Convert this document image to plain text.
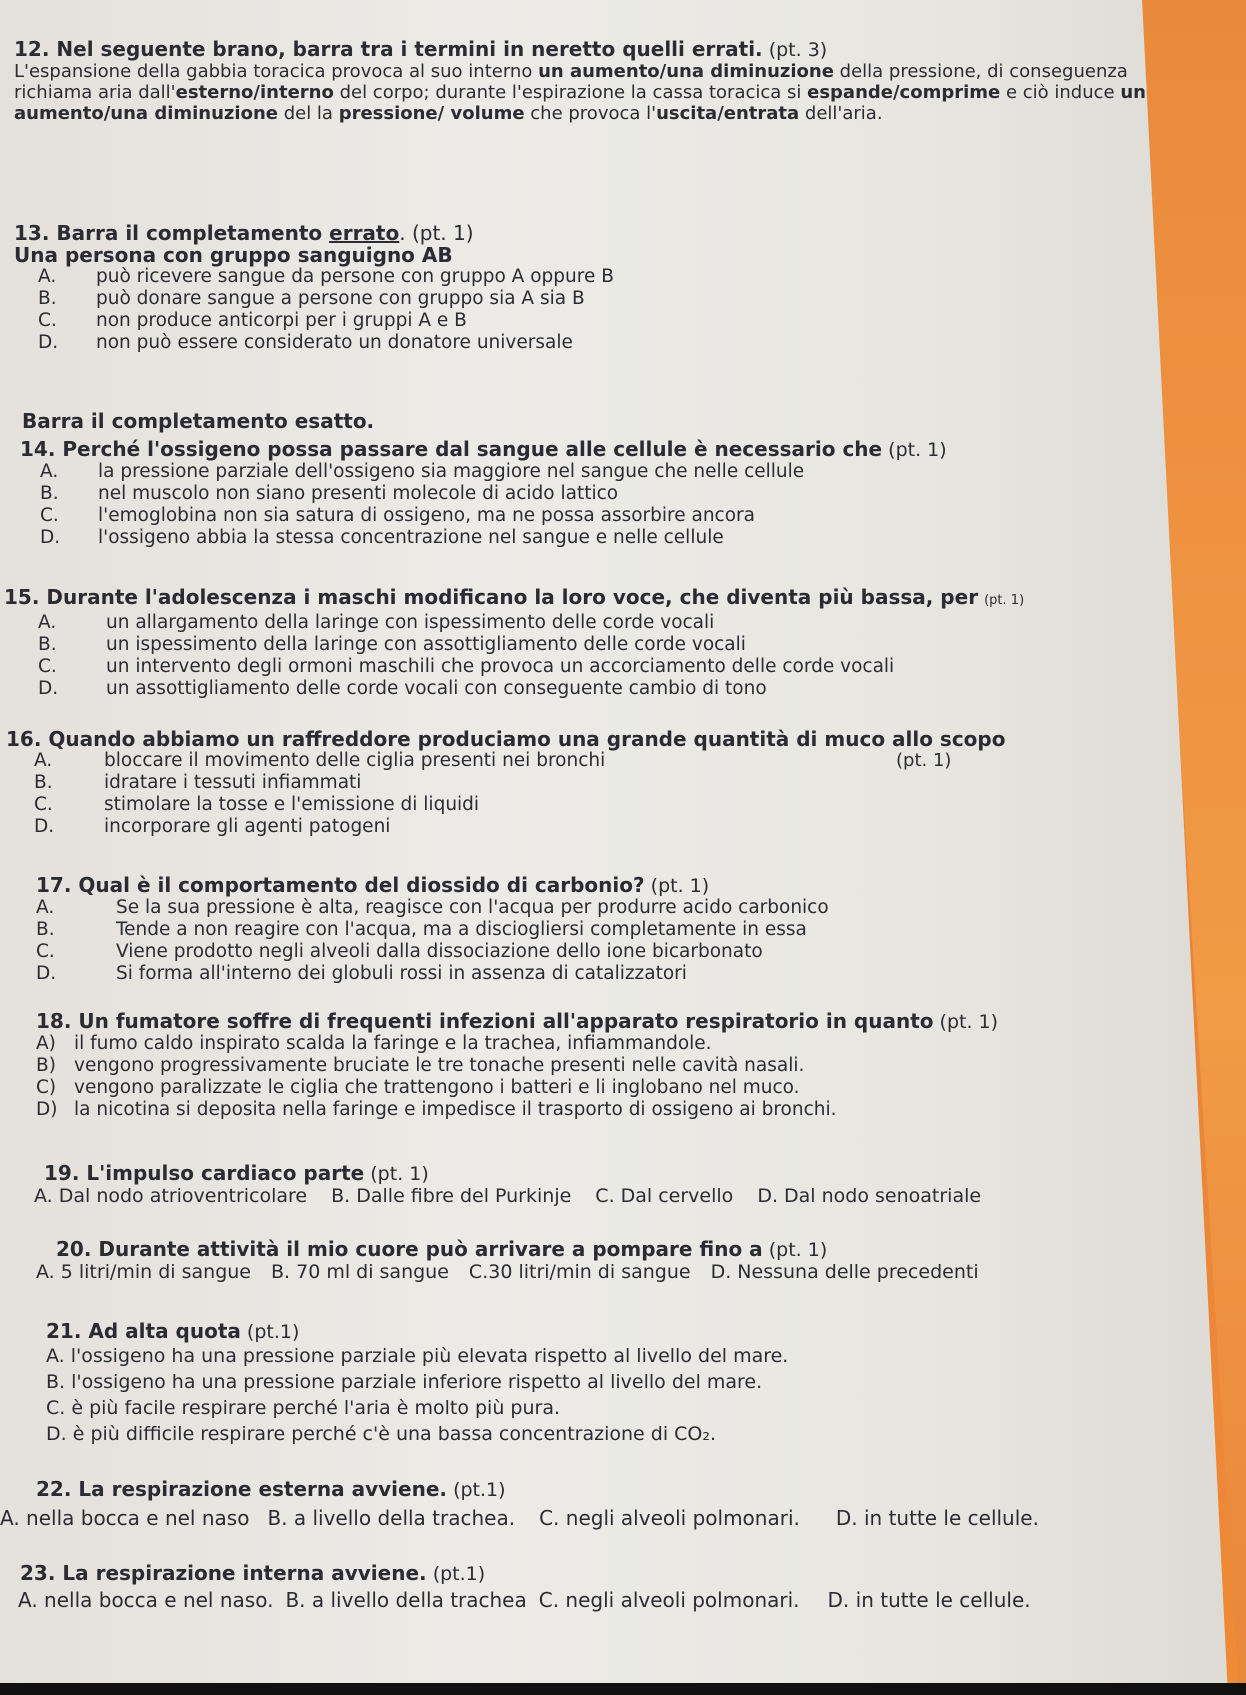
12. Nel seguente brano, barra tra i termini in neretto quelli errati. (pt. 3)
L'espansione della gabbia toracica provoca al suo interno un aumento/una diminuzione della pressione, di conseguenza richiama aria dall'esterno/interno del corpo; durante l'espirazione la cassa toracica si espande/comprime e ciò induce un aumento/una diminuzione del la pressione/ volume che provoca l'uscita/entrata dell'aria.
13. Barra il completamento errato. (pt. 1)
Una persona con gruppo sanguigno AB
A. può ricevere sangue da persone con gruppo A oppure B
B. può donare sangue a persone con gruppo sia A sia B
C. non produce anticorpi per i gruppi A e B
D. non può essere considerato un donatore universale
Barra il completamento esatto.
14. Perché l'ossigeno possa passare dal sangue alle cellule è necessario che (pt. 1)
A. la pressione parziale dell'ossigeno sia maggiore nel sangue che nelle cellule
B. nel muscolo non siano presenti molecole di acido lattico
C. l'emoglobina non sia satura di ossigeno, ma ne possa assorbire ancora
D. l'ossigeno abbia la stessa concentrazione nel sangue e nelle cellule
15. Durante l'adolescenza i maschi modificano la loro voce, che diventa più bassa, per (pt. 1)
A.	un allargamento della laringe con ispessimento delle corde vocali
B.	un ispessimento della laringe con assottigliamento delle corde vocali
C.	un intervento degli ormoni maschili che provoca un accorciamento delle corde vocali
D.	un assottigliamento delle corde vocali con conseguente cambio di tono
16. Quando abbiamo un raffreddore produciamo una grande quantità di muco allo scopo
(pt. 1)
A.	bloccare il movimento delle ciglia presenti nei bronchi
B.	idratare i tessuti infiammati
C.	stimolare la tosse e l'emissione di liquidi
D.	incorporare gli agenti patogeni
17. Qual è il comportamento del diossido di carbonio? (pt. 1)
A.	Se la sua pressione è alta, reagisce con l'acqua per produrre acido carbonico
B.	Tende a non reagire con l'acqua, ma a disciogliersi completamente in essa
C.	Viene prodotto negli alveoli dalla dissociazione dello ione bicarbonato
D.	Si forma all'interno dei globuli rossi in assenza di catalizzatori
18. Un fumatore soffre di frequenti infezioni all'apparato respiratorio in quanto (pt. 1)
A) il fumo caldo inspirato scalda la faringe e la trachea, infiammandole.
B) vengono progressivamente bruciate le tre tonache presenti nelle cavità nasali.
C) vengono paralizzate le ciglia che trattengono i batteri e li inglobano nel muco.
D) la nicotina si deposita nella faringe e impedisce il trasporto di ossigeno ai bronchi.
19. L'impulso cardiaco parte (pt. 1)
A. Dal nodo atrioventricolare B. Dalle fibre del Purkinje C. Dal cervello D. Dal nodo senoatriale
20. Durante attività il mio cuore può arrivare a pompare fino a (pt. 1)
A. 5 litri/min di sangue B. 70 ml di sangue C.30 litri/min di sangue D. Nessuna delle precedenti
21. Ad alta quota (pt.1)
A. l'ossigeno ha una pressione parziale più elevata rispetto al livello del mare.
B. l'ossigeno ha una pressione parziale inferiore rispetto al livello del mare.
C. è più facile respirare perché l'aria è molto più pura.
D. è più difficile respirare perché c'è una bassa concentrazione di CO₂.
22. La respirazione esterna avviene. (pt.1)
A. nella bocca e nel naso B. a livello della trachea. C. negli alveoli polmonari. D. in tutte le cellule.
23. La respirazione interna avviene. (pt.1)
A. nella bocca e nel naso. B. a livello della trachea C. negli alveoli polmonari. D. in tutte le cellule.
